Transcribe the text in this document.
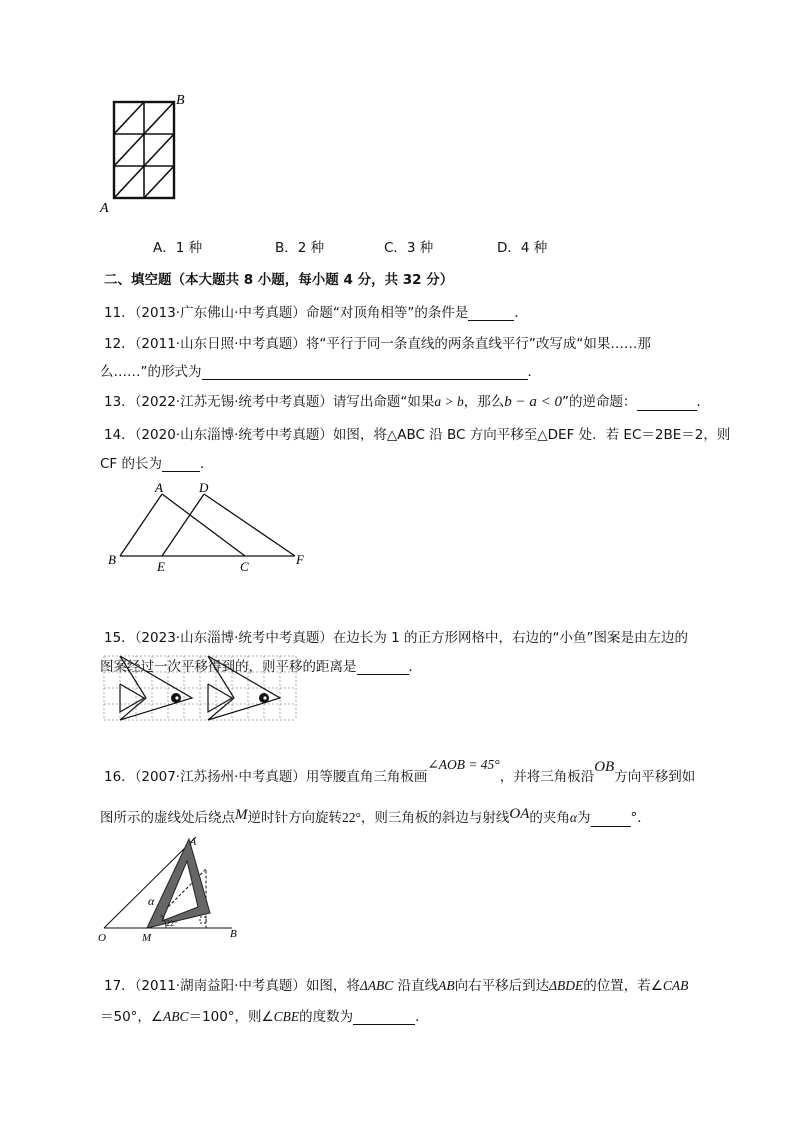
B
A
A．1 种	B．2 种	C．3 种	D．4 种
二、填空题（本大题共 8 小题，每小题 4 分，共 32 分）
11．（2013·广东佛山·中考真题）命题“对顶角相等”的条件是	．
12．（2011·山东日照·中考真题）将“平行于同一条直线的两条直线平行”改写成“如果……那
么……”的形式为	．
13．（2022·江苏无锡·统考中考真题）请写出命题“如果a > b，那么b − a < 0”的逆命题：	．
14．（2020·山东淄博·统考中考真题）如图，将△ABC 沿 BC 方向平移至△DEF 处．若 EC＝2BE＝2，则
CF 的长为	．
A	D
B	E	C	F
15．（2023·山东淄博·统考中考真题）在边长为 1 的正方形网格中，右边的“小鱼”图案是由左边的
图案经过一次平移得到的，则平移的距离是	．
16．（2007·江苏扬州·中考真题）用等腰直角三角板画∠AOB = 45°，并将三角板沿OB方向平移到如
图所示的虚线处后绕点M逆时针方向旋转22°，则三角板的斜边与射线OA的夹角α为	°．
A
α
22°
O	M	B
17．（2011·湖南益阳·中考真题）如图，将ΔABC 沿直线AB向右平移后到达ΔBDE的位置，若∠CAB
＝50°，∠ABC＝100°，则∠CBE的度数为	．
